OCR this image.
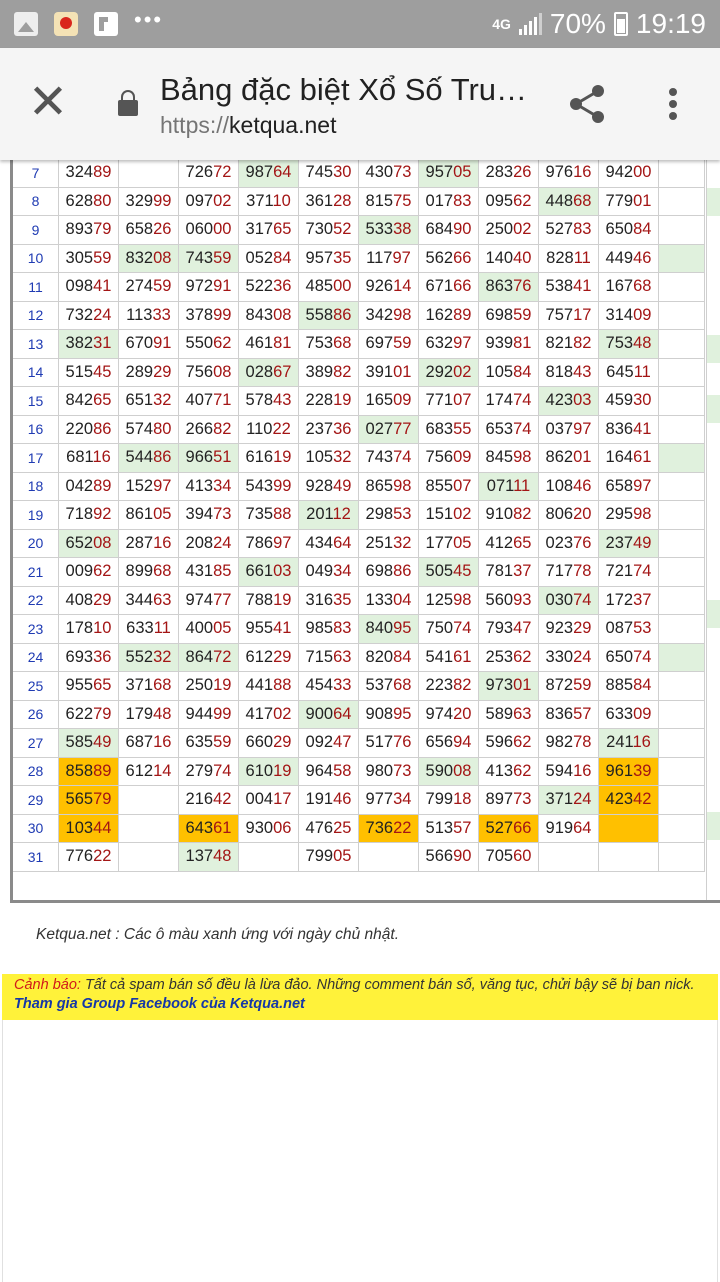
•••	4G 70% 19:19
✕	Bảng đặc biệt Xổ Số Tru…
https://ketqua.net
7	32489		72672	98764	74530	43073	95705	28326	97616	94200	
8	62880	32999	09702	37110	36128	81575	01783	09562	44868	77901	
9	89379	65826	06000	31765	73052	53338	68490	25002	52783	65084	
10	30559	83208	74359	05284	95735	11797	56266	14040	82811	44946	
11	09841	27459	97291	52236	48500	92614	67166	86376	53841	16768	
12	73224	11333	37899	84308	55886	34298	16289	69859	75717	31409	
13	38231	67091	55062	46181	75368	69759	63297	93981	82182	75348	
14	51545	28929	75608	02867	38982	39101	29202	10584	81843	64511	
15	84265	65132	40771	57843	22819	16509	77107	17474	42303	45930	
16	22086	57480	26682	11022	23736	02777	68355	65374	03797	83641	
17	68116	54486	96651	61619	10532	74374	75609	84598	86201	16461	
18	04289	15297	41334	54399	92849	86598	85507	07111	10846	65897	
19	71892	86105	39473	73588	20112	29853	15102	91082	80620	29598	
20	65208	28716	20824	78697	43464	25132	17705	41265	02376	23749	
21	00962	89968	43185	66103	04934	69886	50545	78137	71778	72174	
22	40829	34463	97477	78819	31635	13304	12598	56093	03074	17237	
23	17810	63311	40005	95541	98583	84095	75074	79347	92329	08753	
24	69336	55232	86472	61229	71563	82084	54161	25362	33024	65074	
25	95565	37168	25019	44188	45433	53768	22382	97301	87259	88584	
26	62279	17948	94499	41702	90064	90895	97420	58963	83657	63309	
27	58549	68716	63559	66029	09247	51776	65694	59662	98278	24116	
28	85889	61214	27974	61019	96458	98073	59008	41362	59416	96139	
29	56579		21642	00417	19146	97734	79918	89773	37124	42342	
30	10344		64361	93006	47625	73622	51357	52766	91964		
31	77622		13748		79905		56690	70560			
Ketqua.net : Các ô màu xanh ứng với ngày chủ nhật.
Cảnh báo: Tất cả spam bán số đều là lừa đảo. Những comment bán số, văng tục, chửi bậy sẽ bị ban nick.
Tham gia Group Facebook của Ketqua.net
